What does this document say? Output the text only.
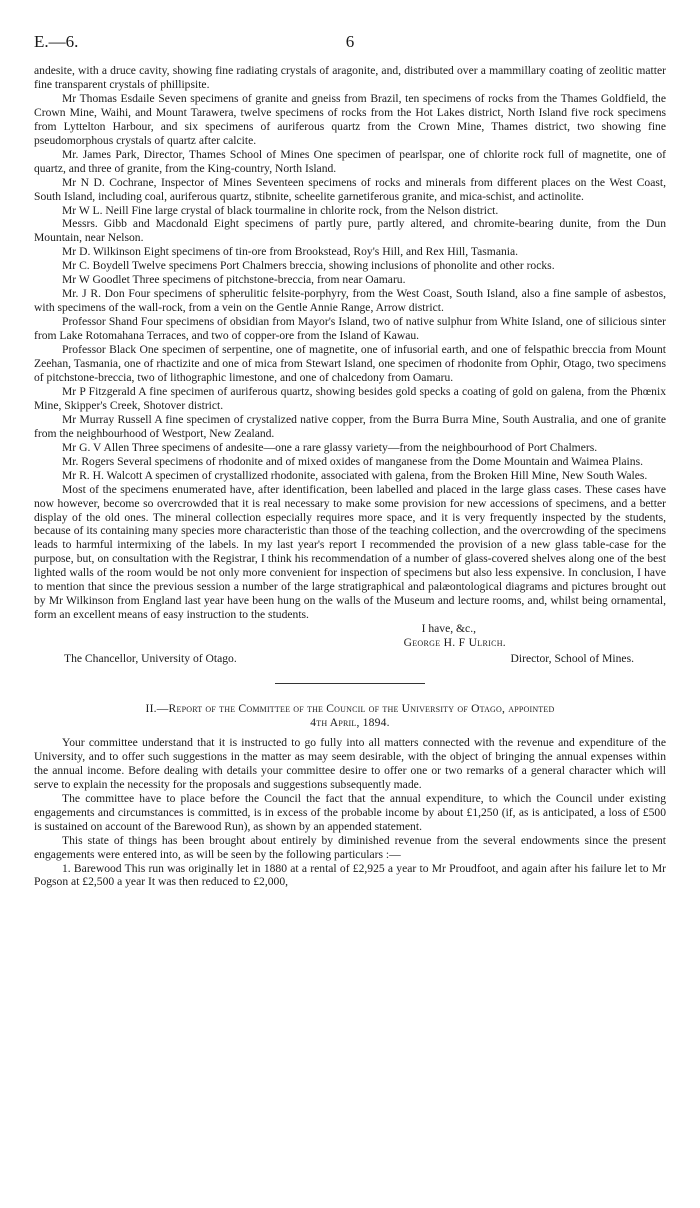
E.—6.	6

andesite, with a druce cavity, showing fine radiating crystals of aragonite, and, distributed over a mammillary coating of zeolitic matter fine transparent crystals of phillipsite.

Mr Thomas Esdaile Seven specimens of granite and gneiss from Brazil, ten specimens of rocks from the Thames Goldfield, the Crown Mine, Waihi, and Mount Tarawera, twelve specimens of rocks from the Hot Lakes district, North Island five rock specimens from Lyttelton Harbour, and six specimens of auriferous quartz from the Crown Mine, Thames district, two showing fine pseudomorphous crystals of quartz after calcite.

Mr. James Park, Director, Thames School of Mines One specimen of pearlspar, one of chlorite rock full of magnetite, one of quartz, and three of granite, from the King-country, North Island.

Mr N D. Cochrane, Inspector of Mines Seventeen specimens of rocks and minerals from different places on the West Coast, South Island, including coal, auriferous quartz, stibnite, scheelite garnetiferous granite, and mica-schist, and actinolite.

Mr W L. Neill Fine large crystal of black tourmaline in chlorite rock, from the Nelson district.

Messrs. Gibb and Macdonald Eight specimens of partly pure, partly altered, and chromite-bearing dunite, from the Dun Mountain, near Nelson.

Mr D. Wilkinson Eight specimens of tin-ore from Brookstead, Roy's Hill, and Rex Hill, Tasmania.

Mr C. Boydell Twelve specimens Port Chalmers breccia, showing inclusions of phonolite and other rocks.

Mr W Goodlet Three specimens of pitchstone-breccia, from near Oamaru.

Mr. J R. Don Four specimens of spherulitic felsite-porphyry, from the West Coast, South Island, also a fine sample of asbestos, with specimens of the wall-rock, from a vein on the Gentle Annie Range, Arrow district.

Professor Shand Four specimens of obsidian from Mayor's Island, two of native sulphur from White Island, one of silicious sinter from Lake Rotomahana Terraces, and two of copper-ore from the Island of Kawau.

Professor Black One specimen of serpentine, one of magnetite, one of infusorial earth, and one of felspathic breccia from Mount Zeehan, Tasmania, one of rhactizite and one of mica from Stewart Island, one specimen of rhodonite from Ophir, Otago, two specimens of pitchstone-breccia, two of lithographic limestone, and one of chalcedony from Oamaru.

Mr P Fitzgerald A fine specimen of auriferous quartz, showing besides gold specks a coating of gold on galena, from the Phœnix Mine, Skipper's Creek, Shotover district.

Mr Murray Russell A fine specimen of crystalized native copper, from the Burra Burra Mine, South Australia, and one of granite from the neighbourhood of Westport, New Zealand.

Mr G. V Allen Three specimens of andesite—one a rare glassy variety—from the neighbourhood of Port Chalmers.

Mr. Rogers Several specimens of rhodonite and of mixed oxides of manganese from the Dome Mountain and Waimea Plains.

Mr R. H. Walcott A specimen of crystallized rhodonite, associated with galena, from the Broken Hill Mine, New South Wales.

Most of the specimens enumerated have, after identification, been labelled and placed in the large glass cases. These cases have now however, become so overcrowded that it is real necessary to make some provision for new accessions of specimens, and a better display of the old ones. The mineral collection especially requires more space, and it is very frequently inspected by the students, because of its containing many species more characteristic than those of the teaching collection, and the overcrowding of the specimens leads to harmful intermixing of the labels. In my last year's report I recommended the provision of a new glass table-case for the purpose, but, on consultation with the Registrar, I think his recommendation of a number of glass-covered shelves along one of the best lighted walls of the room would be not only more convenient for inspection of specimens but also less expensive. In conclusion, I have to mention that since the previous session a number of the large stratigraphical and palæontological diagrams and pictures brought out by Mr Wilkinson from England last year have been hung on the walls of the Museum and lecture rooms, and, whilst being ornamental, form an excellent means of easy instruction to the students.

I have, &c.,
George H. F Ulrich.
The Chancellor, University of Otago.	Director, School of Mines.
II.—Report of the Committee of the Council of the University of Otago, appointed
4th April, 1894.

Your committee understand that it is instructed to go fully into all matters connected with the revenue and expenditure of the University, and to offer such suggestions in the matter as may seem desirable, with the object of bringing the annual expenses within the annual income. Before dealing with details your committee desire to offer one or two remarks of a general character which will serve to explain the necessity for the proposals and suggestions subsequently made.

The committee have to place before the Council the fact that the annual expenditure, to which the Council under existing engagements and circumstances is committed, is in excess of the probable income by about £1,250 (if, as is anticipated, a loss of £500 is sustained on account of the Barewood Run), as shown by an appended statement.

This state of things has been brought about entirely by diminished revenue from the several endowments since the present engagements were entered into, as will be seen by the following particulars :—

1. Barewood This run was originally let in 1880 at a rental of £2,925 a year to Mr Proudfoot, and again after his failure let to Mr Pogson at £2,500 a year It was then reduced to £2,000,
